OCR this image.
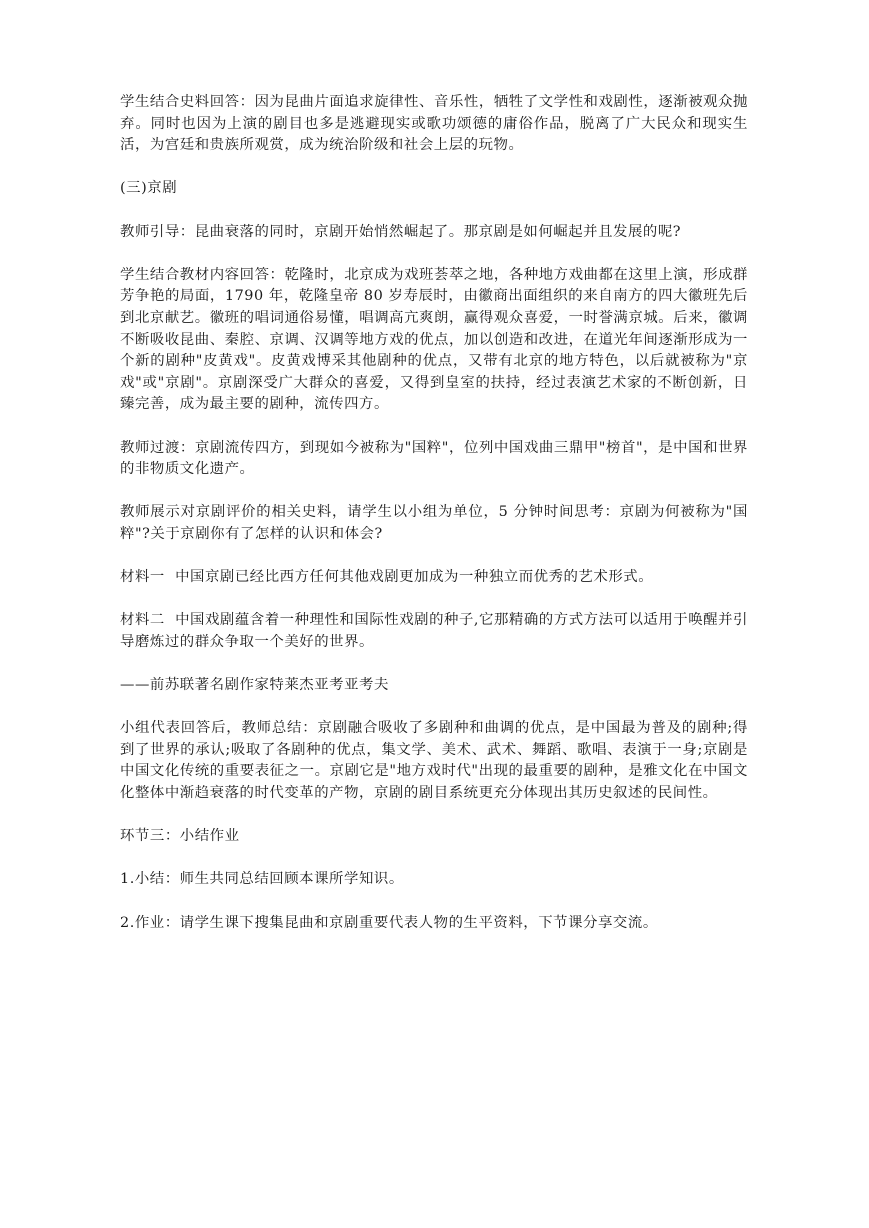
学生结合史料回答：因为昆曲片面追求旋律性、音乐性，牺牲了文学性和戏剧性，逐渐被观众抛弃。同时也因为上演的剧目也多是逃避现实或歌功颂德的庸俗作品，脱离了广大民众和现实生活，为宫廷和贵族所观赏，成为统治阶级和社会上层的玩物。

(三)京剧

教师引导：昆曲衰落的同时，京剧开始悄然崛起了。那京剧是如何崛起并且发展的呢?

学生结合教材内容回答：乾隆时，北京成为戏班荟萃之地，各种地方戏曲都在这里上演，形成群芳争艳的局面，1790 年，乾隆皇帝 80 岁寿辰时，由徽商出面组织的来自南方的四大徽班先后到北京献艺。徽班的唱词通俗易懂，唱调高亢爽朗，赢得观众喜爱，一时誉满京城。后来，徽调不断吸收昆曲、秦腔、京调、汉调等地方戏的优点，加以创造和改进，在道光年间逐渐形成为一个新的剧种"皮黄戏"。皮黄戏博采其他剧种的优点，又带有北京的地方特色，以后就被称为"京戏"或"京剧"。京剧深受广大群众的喜爱，又得到皇室的扶持，经过表演艺术家的不断创新，日臻完善，成为最主要的剧种，流传四方。

教师过渡：京剧流传四方，到现如今被称为"国粹"，位列中国戏曲三鼎甲"榜首"，是中国和世界的非物质文化遗产。

教师展示对京剧评价的相关史料，请学生以小组为单位，5 分钟时间思考：京剧为何被称为"国粹"?关于京剧你有了怎样的认识和体会?

材料一  中国京剧已经比西方任何其他戏剧更加成为一种独立而优秀的艺术形式。

材料二  中国戏剧蕴含着一种理性和国际性戏剧的种子,它那精确的方式方法可以适用于唤醒并引导磨炼过的群众争取一个美好的世界。

——前苏联著名剧作家特莱杰亚考亚考夫

小组代表回答后，教师总结：京剧融合吸收了多剧种和曲调的优点，是中国最为普及的剧种;得到了世界的承认;吸取了各剧种的优点，集文学、美术、武术、舞蹈、歌唱、表演于一身;京剧是中国文化传统的重要表征之一。京剧它是"地方戏时代"出现的最重要的剧种，是雅文化在中国文化整体中渐趋衰落的时代变革的产物，京剧的剧目系统更充分体现出其历史叙述的民间性。

环节三：小结作业

1.小结：师生共同总结回顾本课所学知识。

2.作业：请学生课下搜集昆曲和京剧重要代表人物的生平资料，下节课分享交流。
